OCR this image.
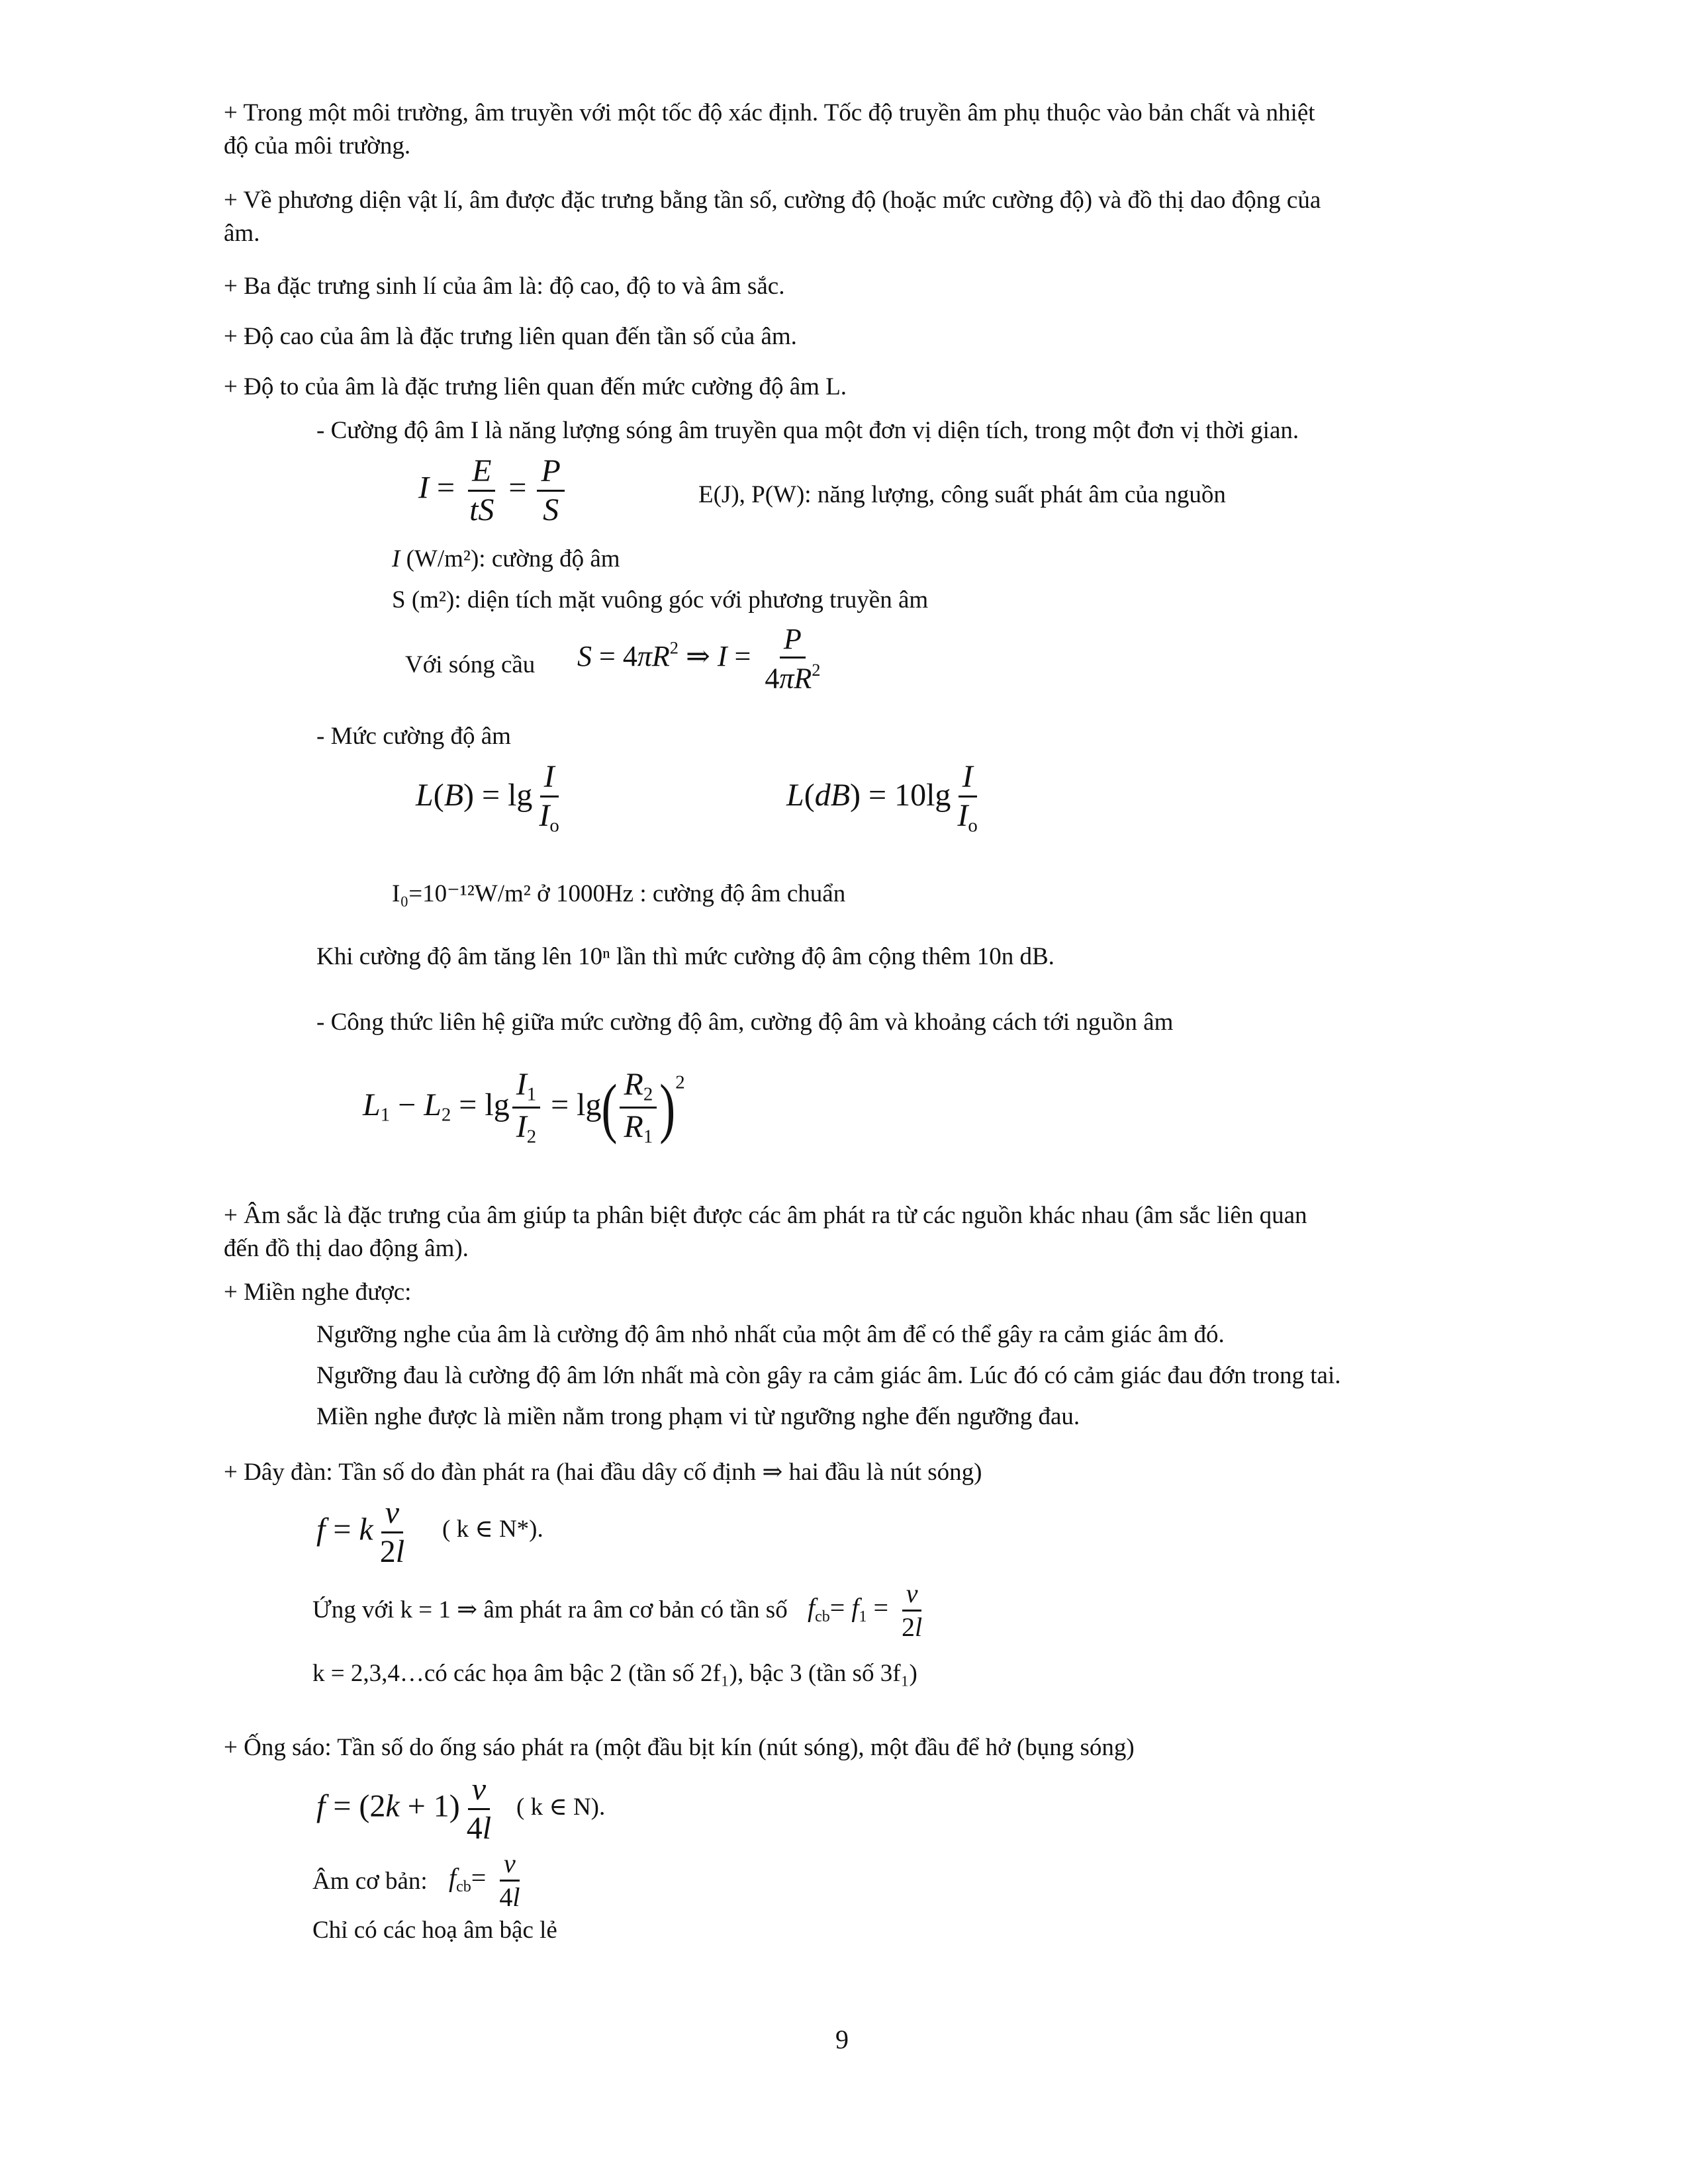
+ Trong một môi trường, âm truyền với một tốc độ xác định. Tốc độ truyền âm phụ thuộc vào bản chất và nhiệt
độ của môi trường.
+ Về phương diện vật lí, âm được đặc trưng bằng tần số, cường độ (hoặc mức cường độ) và đồ thị dao động của
âm.
+ Ba đặc trưng sinh lí của âm là: độ cao, độ to và âm sắc.
+ Độ cao của âm là đặc trưng liên quan đến tần số của âm.
+ Độ to của âm là đặc trưng liên quan đến mức cường độ âm L.
- Cường độ âm I là năng lượng sóng âm truyền qua một đơn vị diện tích, trong một đơn vị thời gian.
$I = \frac{E}{tS} = \frac{P}{S}$	E(J), P(W): năng lượng, công suất phát âm của nguồn
I (W/m²): cường độ âm
S (m²): diện tích mặt vuông góc với phương truyền âm
Với sóng cầu $S = 4\pi R^2$ ⇒ $I = \frac{P}{4\pi R^2}$
- Mức cường độ âm
$L(B) = \lg \frac{I}{I_o}$	$L(dB) = 10\lg \frac{I}{I_o}$
I₀=10⁻¹²W/m² ở 1000Hz : cường độ âm chuẩn
Khi cường độ âm tăng lên 10ⁿ lần thì mức cường độ âm cộng thêm 10n dB.
- Công thức liên hệ giữa mức cường độ âm, cường độ âm và khoảng cách tới nguồn âm
$L_1 - L_2 = \lg \frac{I_1}{I_2} = \lg( \frac{R_2}{R_1} )^2$
+ Âm sắc là đặc trưng của âm giúp ta phân biệt được các âm phát ra từ các nguồn khác nhau (âm sắc liên quan
đến đồ thị dao động âm).
+ Miền nghe được:
Ngưỡng nghe của âm là cường độ âm nhỏ nhất của một âm để có thể gây ra cảm giác âm đó.
Ngưỡng đau là cường độ âm lớn nhất mà còn gây ra cảm giác âm. Lúc đó có cảm giác đau đớn trong tai.
Miền nghe được là miền nằm trong phạm vi từ ngưỡng nghe đến ngưỡng đau.
+ Dây đàn: Tần số do đàn phát ra (hai đầu dây cố định ⇒ hai đầu là nút sóng)
f = k $\frac{v}{2l}$ ( k ∈ N*).
Ứng với k = 1 ⇒ âm phát ra âm cơ bản có tần số $f_{cb}= f_1 = \frac{v}{2l}$
k = 2,3,4…có các họa âm bậc 2 (tần số 2f₁), bậc 3 (tần số 3f₁)
+ Ống sáo: Tần số do ống sáo phát ra (một đầu bịt kín (nút sóng), một đầu để hở (bụng sóng)
$f = (2k + 1) \frac{v}{4l}$ ( k ∈ N).
Âm cơ bản: $f_{cb}= \frac{v}{4l}$
Chỉ có các hoạ âm bậc lẻ
9
